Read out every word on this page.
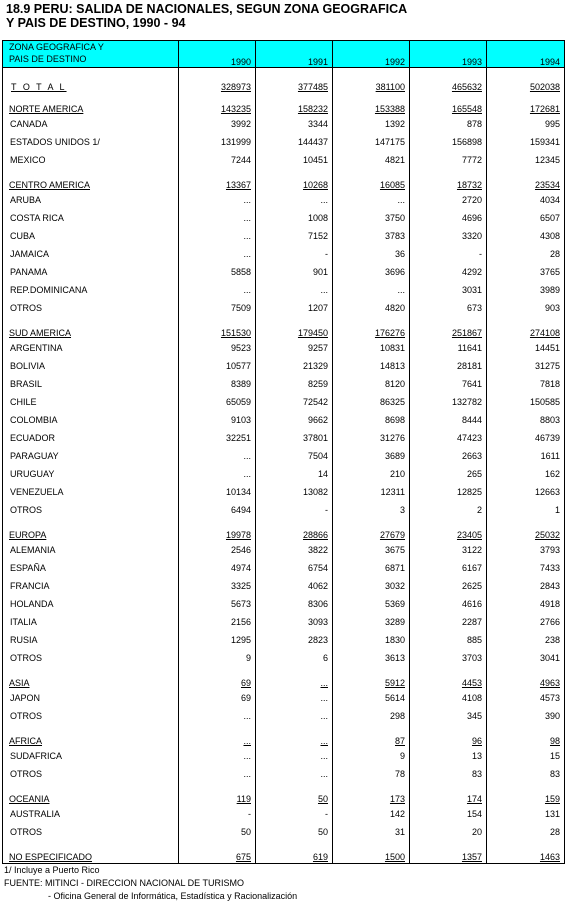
18.9 PERU: SALIDA DE NACIONALES, SEGUN ZONA GEOGRAFICA
Y PAIS DE DESTINO, 1990 - 94
ZONA GEOGRAFICA Y
PAIS DE DESTINO	1990	1991	1992	1993	1994
T O T A L	328973	377485	381100	465632	502038
NORTE AMERICA	143235	158232	153388	165548	172681
CANADA	3992	3344	1392	878	995
ESTADOS UNIDOS 1/	131999	144437	147175	156898	159341
MEXICO	7244	10451	4821	7772	12345
CENTRO AMERICA	13367	10268	16085	18732	23534
ARUBA	...	...	...	2720	4034
COSTA RICA	...	1008	3750	4696	6507
CUBA	...	7152	3783	3320	4308
JAMAICA	...	-	36	-	28
PANAMA	5858	901	3696	4292	3765
REP.DOMINICANA	...	...	...	3031	3989
OTROS	7509	1207	4820	673	903
SUD AMERICA	151530	179450	176276	251867	274108
ARGENTINA	9523	9257	10831	11641	14451
BOLIVIA	10577	21329	14813	28181	31275
BRASIL	8389	8259	8120	7641	7818
CHILE	65059	72542	86325	132782	150585
COLOMBIA	9103	9662	8698	8444	8803
ECUADOR	32251	37801	31276	47423	46739
PARAGUAY	...	7504	3689	2663	1611
URUGUAY	...	14	210	265	162
VENEZUELA	10134	13082	12311	12825	12663
OTROS	6494	-	3	2	1
EUROPA	19978	28866	27679	23405	25032
ALEMANIA	2546	3822	3675	3122	3793
ESPAÑA	4974	6754	6871	6167	7433
FRANCIA	3325	4062	3032	2625	2843
HOLANDA	5673	8306	5369	4616	4918
ITALIA	2156	3093	3289	2287	2766
RUSIA	1295	2823	1830	885	238
OTROS	9	6	3613	3703	3041
ASIA	69	...	5912	4453	4963
JAPON	69	...	5614	4108	4573
OTROS	...	...	298	345	390
AFRICA	...	...	87	96	98
SUDAFRICA	...	...	9	13	15
OTROS	...	...	78	83	83
OCEANIA	119	50	173	174	159
AUSTRALIA	-	-	142	154	131
OTROS	50	50	31	20	28
NO ESPECIFICADO	675	619	1500	1357	1463
1/ Incluye a Puerto Rico
FUENTE: MITINCI - DIRECCION NACIONAL DE TURISMO
- Oficina General de Informática, Estadística y Racionalización
